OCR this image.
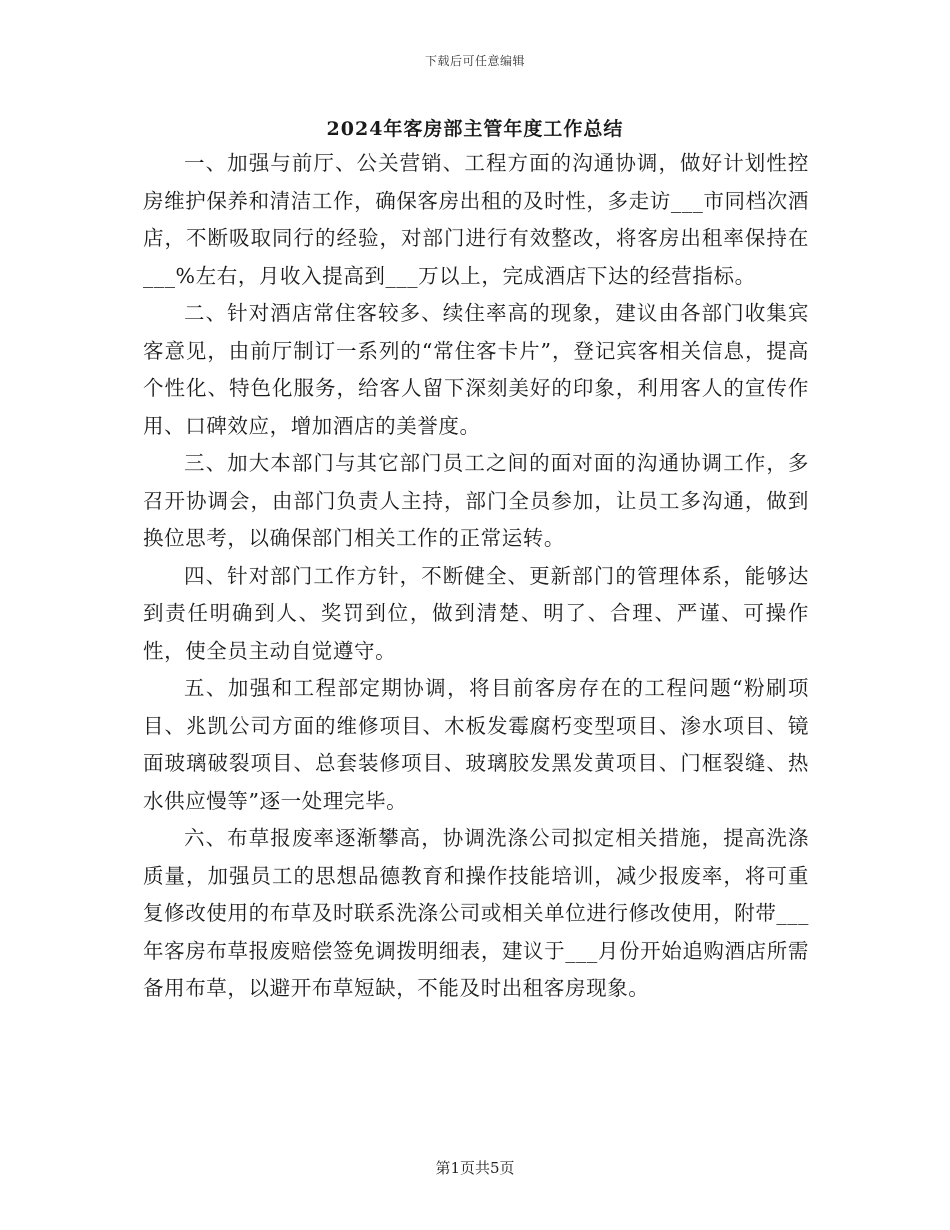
下载后可任意编辑
2024年客房部主管年度工作总结

一、加强与前厅、公关营销、工程方面的沟通协调，做好计划性控房维护保养和清洁工作，确保客房出租的及时性，多走访___市同档次酒店，不断吸取同行的经验，对部门进行有效整改，将客房出租率保持在___%左右，月收入提高到___万以上，完成酒店下达的经营指标。

二、针对酒店常住客较多、续住率高的现象，建议由各部门收集宾客意见，由前厅制订一系列的“常住客卡片”，登记宾客相关信息，提高个性化、特色化服务，给客人留下深刻美好的印象，利用客人的宣传作用、口碑效应，增加酒店的美誉度。

三、加大本部门与其它部门员工之间的面对面的沟通协调工作，多召开协调会，由部门负责人主持，部门全员参加，让员工多沟通，做到换位思考，以确保部门相关工作的正常运转。

四、针对部门工作方针，不断健全、更新部门的管理体系，能够达到责任明确到人、奖罚到位，做到清楚、明了、合理、严谨、可操作性，使全员主动自觉遵守。

五、加强和工程部定期协调，将目前客房存在的工程问题“粉刷项目、兆凯公司方面的维修项目、木板发霉腐朽变型项目、渗水项目、镜面玻璃破裂项目、总套装修项目、玻璃胶发黑发黄项目、门框裂缝、热水供应慢等”逐一处理完毕。

六、布草报废率逐渐攀高，协调洗涤公司拟定相关措施，提高洗涤质量，加强员工的思想品德教育和操作技能培训，减少报废率，将可重复修改使用的布草及时联系洗涤公司或相关单位进行修改使用，附带___年客房布草报废赔偿签免调拨明细表，建议于___月份开始追购酒店所需备用布草，以避开布草短缺，不能及时出租客房现象。

第1页共5页
